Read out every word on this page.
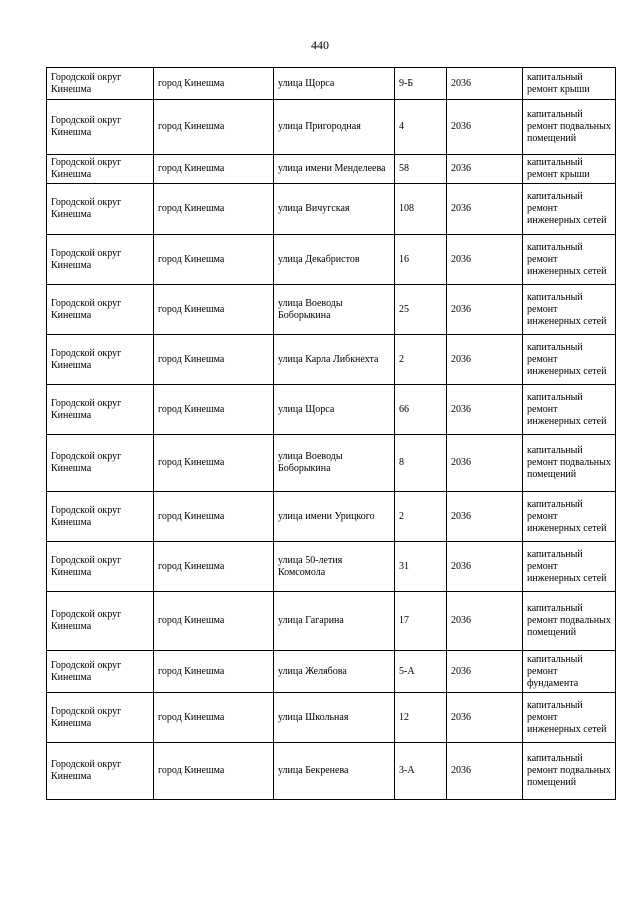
440
Городской округ Кинешма	город Кинешма	улица Щорса	9-Б	2036	капитальный ремонт крыши
Городской округ Кинешма	город Кинешма	улица Пригородная	4	2036	капитальный ремонт подвальных помещений
Городской округ Кинешма	город Кинешма	улица имени Менделеева	58	2036	капитальный ремонт крыши
Городской округ Кинешма	город Кинешма	улица Вичугская	108	2036	капитальный ремонт инженерных сетей
Городской округ Кинешма	город Кинешма	улица Декабристов	16	2036	капитальный ремонт инженерных сетей
Городской округ Кинешма	город Кинешма	улица Воеводы Боборыкина	25	2036	капитальный ремонт инженерных сетей
Городской округ Кинешма	город Кинешма	улица Карла Либкнехта	2	2036	капитальный ремонт инженерных сетей
Городской округ Кинешма	город Кинешма	улица Щорса	66	2036	капитальный ремонт инженерных сетей
Городской округ Кинешма	город Кинешма	улица Воеводы Боборыкина	8	2036	капитальный ремонт подвальных помещений
Городской округ Кинешма	город Кинешма	улица имени Урицкого	2	2036	капитальный ремонт инженерных сетей
Городской округ Кинешма	город Кинешма	улица 50-летия Комсомола	31	2036	капитальный ремонт инженерных сетей
Городской округ Кинешма	город Кинешма	улица Гагарина	17	2036	капитальный ремонт подвальных помещений
Городской округ Кинешма	город Кинешма	улица Желябова	5-А	2036	капитальный ремонт фундамента
Городской округ Кинешма	город Кинешма	улица Школьная	12	2036	капитальный ремонт инженерных сетей
Городской округ Кинешма	город Кинешма	улица Бекренева	3-А	2036	капитальный ремонт подвальных помещений
